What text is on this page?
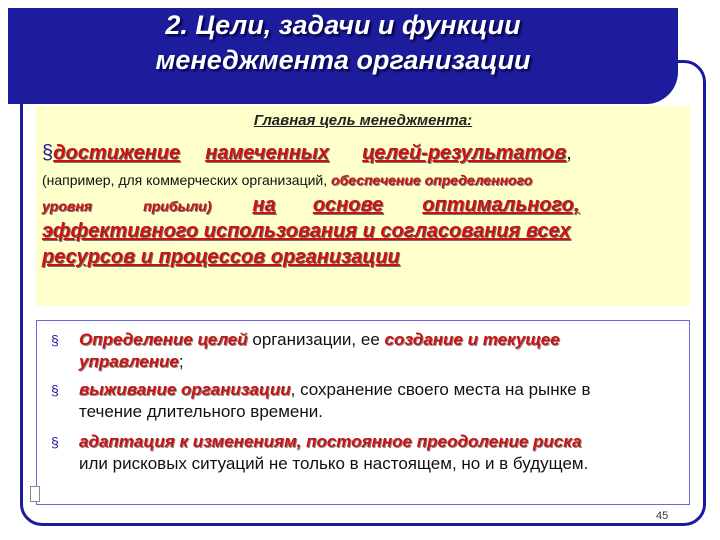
2. Цели, задачи и функции
менеджмента организации
Главная цель менеджмента:
§достижение намеченных целей-результатов,
(например, для коммерческих организаций, обеспечение определенного
уровня	прибыли) на основе оптимального,
эффективного использования и согласования всех
ресурсов и процессов организации
§ Определение целей организации, ее создание и текущее
управление;
§ выживание организации, сохранение своего места на рынке в
течение длительного времени.
§ адаптация к изменениям, постоянное преодоление риска
или рисковых ситуаций не только в настоящем, но и в будущем.
45
